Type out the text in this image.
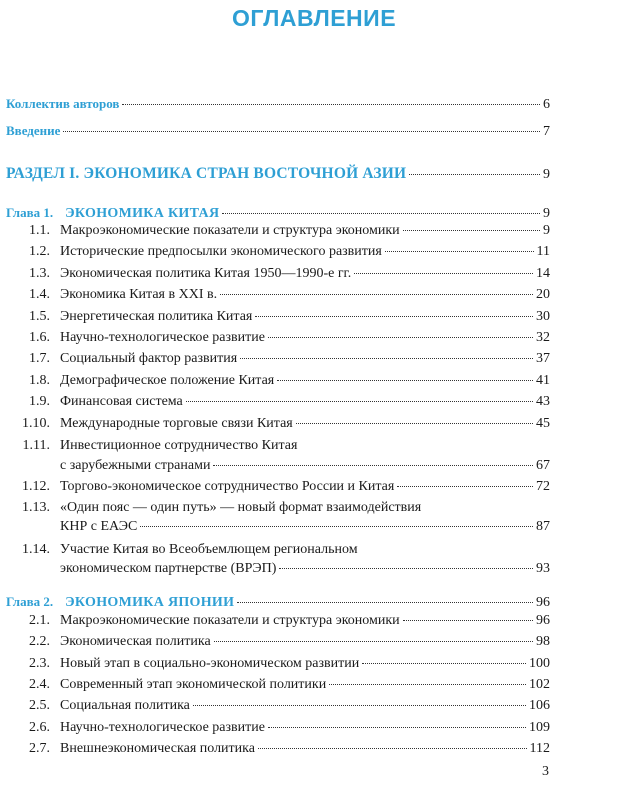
ОГЛАВЛЕНИЕ
Коллектив авторов	6
Введение	7
РАЗДЕЛ I. ЭКОНОМИКА СТРАН ВОСТОЧНОЙ АЗИИ	9
Глава 1. ЭКОНОМИКА КИТАЯ	9
1.1. Макроэкономические показатели и структура экономики	9
1.2. Исторические предпосылки экономического развития	11
1.3. Экономическая политика Китая 1950—1990-е гг.	14
1.4. Экономика Китая в XXI в.	20
1.5. Энергетическая политика Китая	30
1.6. Научно-технологическое развитие	32
1.7. Социальный фактор развития	37
1.8. Демографическое положение Китая	41
1.9. Финансовая система	43
1.10. Международные торговые связи Китая	45
1.11. Инвестиционное сотрудничество Китая
с зарубежными странами	67
1.12. Торгово-экономическое сотрудничество России и Китая	72
1.13. «Один пояс — один путь» — новый формат взаимодействия
КНР с ЕАЭС	87
1.14. Участие Китая во Всеобъемлющем региональном
экономическом партнерстве (ВРЭП)	93
Глава 2. ЭКОНОМИКА ЯПОНИИ	96
2.1. Макроэкономические показатели и структура экономики	96
2.2. Экономическая политика	98
2.3. Новый этап в социально-экономическом развитии	100
2.4. Современный этап экономической политики	102
2.5. Социальная политика	106
2.6. Научно-технологическое развитие	109
2.7. Внешнеэкономическая политика	112
3
